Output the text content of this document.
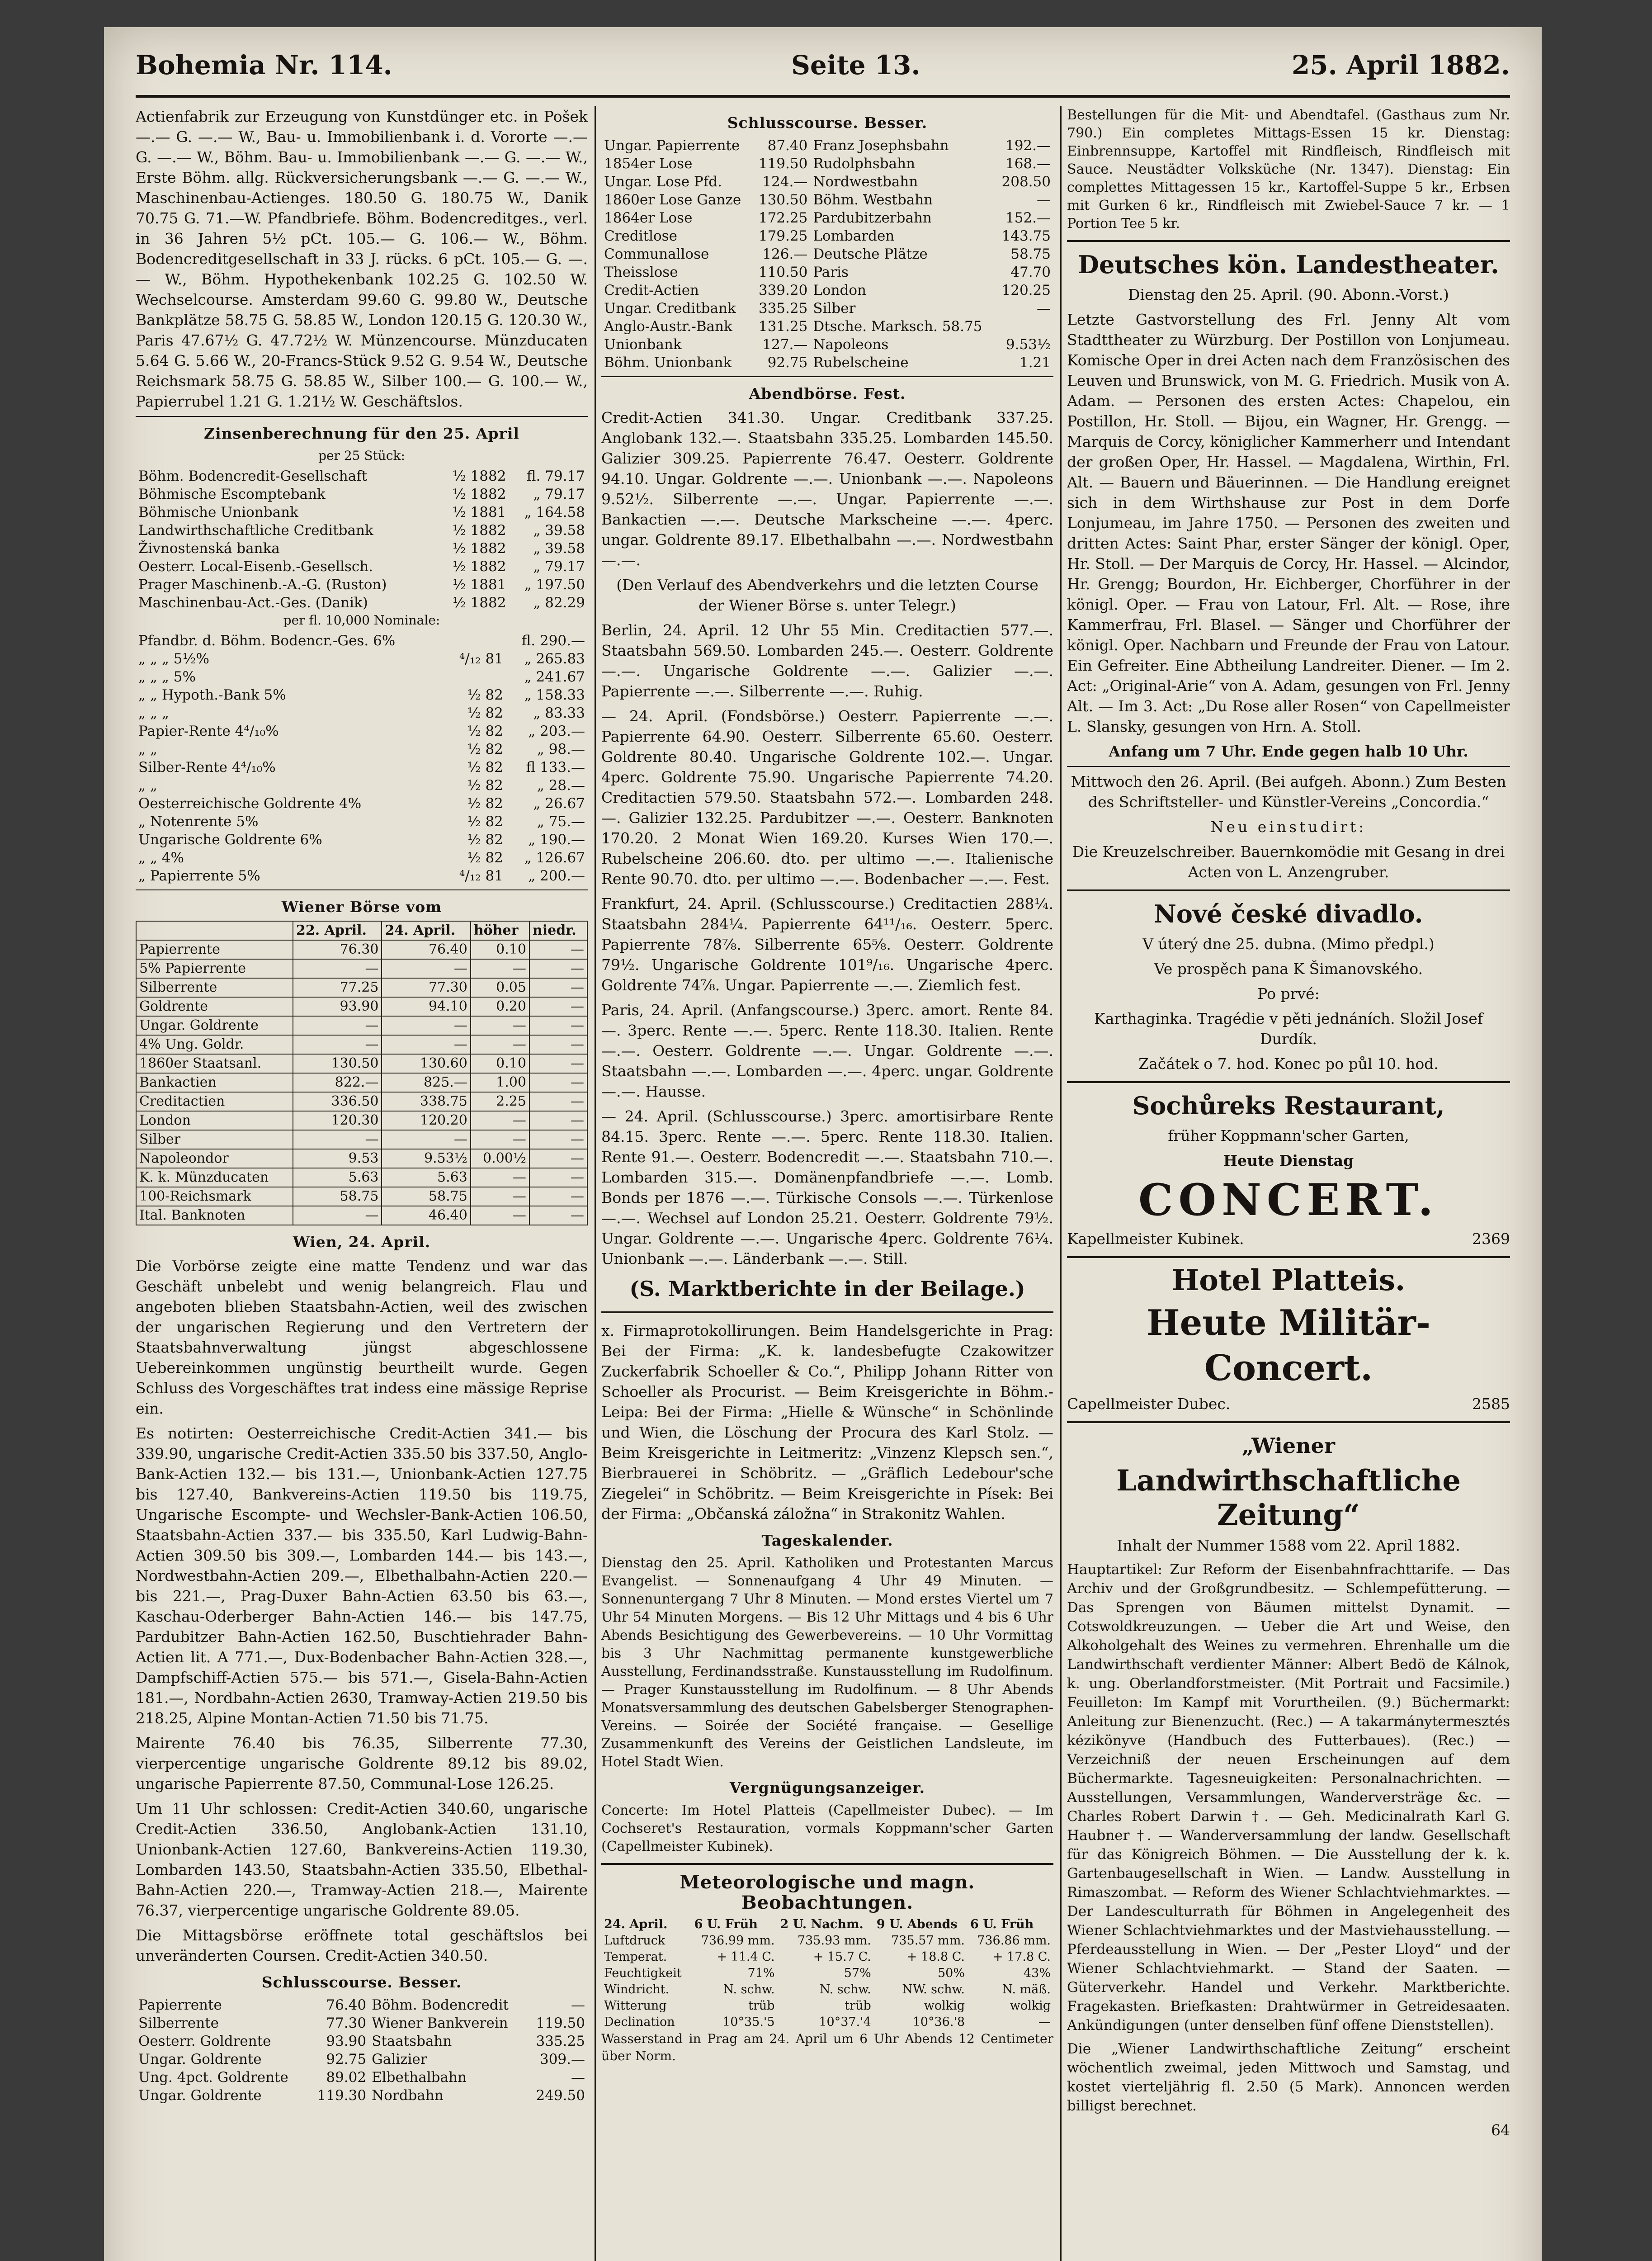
Bohemia Nr. 114.	Seite 13.	25. April 1882.

Actienfabrik zur Erzeugung von Kunstdünger etc. in Pošek —.— G. —.— W., Bau- u. Immobilienbank i. d. Vororte —.— G. —.— W., Böhm. Bau- u. Immobilienbank —.— G. —.— W., Erste Böhm. allg. Rückversicherungsbank —.— G. —.— W., Maschinenbau-Actienges. 180.50 G. 180.75 W., Danik 70.75 G. 71.—W. Pfandbriefe. Böhm. Bodencreditges., verl. in 36 Jahren 5½ pCt. 105.— G. 106.— W., Böhm. Bodencreditgesellschaft in 33 J. rücks. 6 pCt. 105.— G. —.— W., Böhm. Hypothekenbank 102.25 G. 102.50 W. Wechselcourse. Amsterdam 99.60 G. 99.80 W., Deutsche Bankplätze 58.75 G. 58.85 W., London 120.15 G. 120.30 W., Paris 47.67½ G. 47.72½ W. Münzencourse. Münzducaten 5.64 G. 5.66 W., 20-Francs-Stück 9.52 G. 9.54 W., Deutsche Reichsmark 58.75 G. 58.85 W., Silber 100.— G. 100.— W., Papierrubel 1.21 G. 1.21½ W. Geschäftslos.

Zinsenberechnung für den 25. April
per 25 Stück:
Böhm. Bodencredit-Gesellschaft	½ 1882	fl. 79.17
Böhmische Escomptebank	½ 1882	„ 79.17
Böhmische Unionbank	½ 1881	„ 164.58
Landwirthschaftliche Creditbank	½ 1882	„ 39.58
Živnostenská banka	½ 1882	„ 39.58
Oesterr. Local-Eisenb.-Gesellsch.	½ 1882	„ 79.17
Prager Maschinenb.-A.-G. (Ruston)	½ 1881	„ 197.50
Maschinenbau-Act.-Ges. (Danik)	½ 1882	„ 82.29
per fl. 10,000 Nominale:
Pfandbr. d. Böhm. Bodencr.-Ges. 6%		fl. 290.—
„ „ „ 5½%	⁴/₁₂ 81	„ 265.83
„ „ „ 5%		„ 241.67
„ „ Hypoth.-Bank 5%	½ 82	„ 158.33
„ „ „	½ 82	„ 83.33
Papier-Rente 4⁴/₁₀%	½ 82	„ 203.—
„ „	½ 82	„ 98.—
Silber-Rente 4⁴/₁₀%	½ 82	fl 133.—
„ „	½ 82	„ 28.—
Oesterreichische Goldrente 4%	½ 82	„ 26.67
„ Notenrente 5%	½ 82	„ 75.—
Ungarische Goldrente 6%	½ 82	„ 190.—
„ „ 4%	½ 82	„ 126.67
„ Papierrente 5%	⁴/₁₂ 81	„ 200.—
Wiener Börse vom
	22. April.	24. April.	höher	niedr.
Papierrente	76.30	76.40	0.10	—
5% Papierrente	—	—	—	—
Silberrente	77.25	77.30	0.05	—
Goldrente	93.90	94.10	0.20	—
Ungar. Goldrente	—	—	—	—
4% Ung. Goldr.	—	—	—	—
1860er Staatsanl.	130.50	130.60	0.10	—
Bankactien	822.—	825.—	1.00	—
Creditactien	336.50	338.75	2.25	—
London	120.30	120.20	—	—
Silber	—	—	—	—
Napoleondor	9.53	9.53½	0.00½	—
K. k. Münzducaten	5.63	5.63	—	—
100-Reichsmark	58.75	58.75	—	—
Ital. Banknoten	—	46.40	—	—
Wien, 24. April.

Die Vorbörse zeigte eine matte Tendenz und war das Geschäft unbelebt und wenig belangreich. Flau und angeboten blieben Staatsbahn-Actien, weil des zwischen der ungarischen Regierung und den Vertretern der Staatsbahnverwaltung jüngst abgeschlossene Uebereinkommen ungünstig beurtheilt wurde. Gegen Schluss des Vorgeschäftes trat indess eine mässige Reprise ein.

Es notirten: Oesterreichische Credit-Actien 341.— bis 339.90, ungarische Credit-Actien 335.50 bis 337.50, Anglo-Bank-Actien 132.— bis 131.—, Unionbank-Actien 127.75 bis 127.40, Bankvereins-Actien 119.50 bis 119.75, Ungarische Escompte- und Wechsler-Bank-Actien 106.50, Staatsbahn-Actien 337.— bis 335.50, Karl Ludwig-Bahn-Actien 309.50 bis 309.—, Lombarden 144.— bis 143.—, Nordwestbahn-Actien 209.—, Elbethalbahn-Actien 220.— bis 221.—, Prag-Duxer Bahn-Actien 63.50 bis 63.—, Kaschau-Oderberger Bahn-Actien 146.— bis 147.75, Pardubitzer Bahn-Actien 162.50, Buschtiehrader Bahn-Actien lit. A 771.—, Dux-Bodenbacher Bahn-Actien 328.—, Dampfschiff-Actien 575.— bis 571.—, Gisela-Bahn-Actien 181.—, Nordbahn-Actien 2630, Tramway-Actien 219.50 bis 218.25, Alpine Montan-Actien 71.50 bis 71.75.

Mairente 76.40 bis 76.35, Silberrente 77.30, vierpercentige ungarische Goldrente 89.12 bis 89.02, ungarische Papierrente 87.50, Communal-Lose 126.25.

Um 11 Uhr schlossen: Credit-Actien 340.60, ungarische Credit-Actien 336.50, Anglobank-Actien 131.10, Unionbank-Actien 127.60, Bankvereins-Actien 119.30, Lombarden 143.50, Staatsbahn-Actien 335.50, Elbethal-Bahn-Actien 220.—, Tramway-Actien 218.—, Mairente 76.37, vierpercentige ungarische Goldrente 89.05.

Die Mittagsbörse eröffnete total geschäftslos bei unveränderten Coursen. Credit-Actien 340.50.

Schlusscourse. Besser.
Papierrente	76.40	Böhm. Bodencredit	—
Silberrente	77.30	Wiener Bankverein	119.50
Oesterr. Goldrente	93.90	Staatsbahn	335.25
Ungar. Goldrente	92.75	Galizier	309.—
Ung. 4pct. Goldrente	89.02	Elbethalbahn	—
Ungar. Goldrente	119.30	Nordbahn	249.50
Schlusscourse. Besser.
Ungar. Papierrente	87.40	Franz Josephsbahn	192.—
1854er Lose	119.50	Rudolphsbahn	168.—
Ungar. Lose Pfd.	124.—	Nordwestbahn	208.50
1860er Lose Ganze	130.50	Böhm. Westbahn	—
1864er Lose	172.25	Pardubitzerbahn	152.—
Creditlose	179.25	Lombarden	143.75
Communallose	126.—	Deutsche Plätze	58.75
Theisslose	110.50	Paris	47.70
Credit-Actien	339.20	London	120.25
Ungar. Creditbank	335.25	Silber	—
Anglo-Austr.-Bank	131.25	Dtsche. Marksch. 58.75	
Unionbank	127.—	Napoleons	9.53½
Böhm. Unionbank	92.75	Rubelscheine	1.21
Abendbörse. Fest.

Credit-Actien 341.30. Ungar. Creditbank 337.25. Anglobank 132.—. Staatsbahn 335.25. Lombarden 145.50. Galizier 309.25. Papierrente 76.47. Oesterr. Goldrente 94.10. Ungar. Goldrente —.—. Unionbank —.—. Napoleons 9.52½. Silberrente —.—. Ungar. Papierrente —.—. Bankactien —.—. Deutsche Markscheine —.—. 4perc. ungar. Goldrente 89.17. Elbethalbahn —.—. Nordwestbahn —.—.

(Den Verlauf des Abendverkehrs und die letzten Course der Wiener Börse s. unter Telegr.)

Berlin, 24. April. 12 Uhr 55 Min. Creditactien 577.—. Staatsbahn 569.50. Lombarden 245.—. Oesterr. Goldrente —.—. Ungarische Goldrente —.—. Galizier —.—. Papierrente —.—. Silberrente —.—. Ruhig.

— 24. April. (Fondsbörse.) Oesterr. Papierrente —.—. Papierrente 64.90. Oesterr. Silberrente 65.60. Oesterr. Goldrente 80.40. Ungarische Goldrente 102.—. Ungar. 4perc. Goldrente 75.90. Ungarische Papierrente 74.20. Creditactien 579.50. Staatsbahn 572.—. Lombarden 248.—. Galizier 132.25. Pardubitzer —.—. Oesterr. Banknoten 170.20. 2 Monat Wien 169.20. Kurses Wien 170.—. Rubelscheine 206.60. dto. per ultimo —.—. Italienische Rente 90.70. dto. per ultimo —.—. Bodenbacher —.—. Fest.

Frankfurt, 24. April. (Schlusscourse.) Creditactien 288¼. Staatsbahn 284¼. Papierrente 64¹¹/₁₆. Oesterr. 5perc. Papierrente 78⅞. Silberrente 65⅝. Oesterr. Goldrente 79½. Ungarische Goldrente 101⁹/₁₆. Ungarische 4perc. Goldrente 74⅞. Ungar. Papierrente —.—. Ziemlich fest.

Paris, 24. April. (Anfangscourse.) 3perc. amort. Rente 84.—. 3perc. Rente —.—. 5perc. Rente 118.30. Italien. Rente —.—. Oesterr. Goldrente —.—. Ungar. Goldrente —.—. Staatsbahn —.—. Lombarden —.—. 4perc. ungar. Goldrente —.—. Hausse.

— 24. April. (Schlusscourse.) 3perc. amortisirbare Rente 84.15. 3perc. Rente —.—. 5perc. Rente 118.30. Italien. Rente 91.—. Oesterr. Bodencredit —.—. Staatsbahn 710.—. Lombarden 315.—. Domänenpfandbriefe —.—. Lomb. Bonds per 1876 —.—. Türkische Consols —.—. Türkenlose —.—. Wechsel auf London 25.21. Oesterr. Goldrente 79½. Ungar. Goldrente —.—. Ungarische 4perc. Goldrente 76¼. Unionbank —.—. Länderbank —.—. Still.

(S. Marktberichte in der Beilage.)

x. Firmaprotokollirungen. Beim Handelsgerichte in Prag: Bei der Firma: „K. k. landesbefugte Czakowitzer Zuckerfabrik Schoeller & Co.“, Philipp Johann Ritter von Schoeller als Procurist. — Beim Kreisgerichte in Böhm.-Leipa: Bei der Firma: „Hielle & Wünsche“ in Schönlinde und Wien, die Löschung der Procura des Karl Stolz. — Beim Kreisgerichte in Leitmeritz: „Vinzenz Klepsch sen.“, Bierbrauerei in Schöbritz. — „Gräflich Ledebour'sche Ziegelei“ in Schöbritz. — Beim Kreisgerichte in Písek: Bei der Firma: „Občanská záložna“ in Strakonitz Wahlen.

Tageskalender.

Dienstag den 25. April. Katholiken und Protestanten Marcus Evangelist. — Sonnenaufgang 4 Uhr 49 Minuten. — Sonnenuntergang 7 Uhr 8 Minuten. — Mond erstes Viertel um 7 Uhr 54 Minuten Morgens. — Bis 12 Uhr Mittags und 4 bis 6 Uhr Abends Besichtigung des Gewerbevereins. — 10 Uhr Vormittag bis 3 Uhr Nachmittag permanente kunstgewerbliche Ausstellung, Ferdinandsstraße. Kunstausstellung im Rudolfinum. — Prager Kunstausstellung im Rudolfinum. — 8 Uhr Abends Monatsversammlung des deutschen Gabelsberger Stenographen-Vereins. — Soirée der Société française. — Gesellige Zusammenkunft des Vereins der Geistlichen Landsleute, im Hotel Stadt Wien.

Vergnügungsanzeiger.

Concerte: Im Hotel Platteis (Capellmeister Dubec). — Im Cochseret's Restauration, vormals Koppmann'scher Garten (Capellmeister Kubinek).

Meteorologische und magn. Beobachtungen.
24. April.	6 U. Früh	2 U. Nachm.	9 U. Abends	6 U. Früh
Luftdruck	736.99 mm.	735.93 mm.	735.57 mm.	736.86 mm.
Temperat.	+ 11.4 C.	+ 15.7 C.	+ 18.8 C.	+ 17.8 C.
Feuchtigkeit	71%	57%	50%	43%
Windricht.	N. schw.	N. schw.	NW. schw.	N. mäß.
Witterung	trüb	trüb	wolkig	wolkig
Declination	10°35.'5	10°37.'4	10°36.'8	—

Wasserstand in Prag am 24. April um 6 Uhr Abends 12 Centimeter über Norm.

Bestellungen für die Mit- und Abendtafel. (Gasthaus zum Nr. 790.) Ein completes Mittags-Essen 15 kr. Dienstag: Einbrennsuppe, Kartoffel mit Rindfleisch, Rindfleisch mit Sauce. Neustädter Volksküche (Nr. 1347). Dienstag: Ein complettes Mittagessen 15 kr., Kartoffel-Suppe 5 kr., Erbsen mit Gurken 6 kr., Rindfleisch mit Zwiebel-Sauce 7 kr. — 1 Portion Tee 5 kr.

Deutsches kön. Landestheater.

Dienstag den 25. April. (90. Abonn.-Vorst.)

Letzte Gastvorstellung des Frl. Jenny Alt vom Stadttheater zu Würzburg. Der Postillon von Lonjumeau. Komische Oper in drei Acten nach dem Französischen des Leuven und Brunswick, von M. G. Friedrich. Musik von A. Adam. — Personen des ersten Actes: Chapelou, ein Postillon, Hr. Stoll. — Bijou, ein Wagner, Hr. Grengg. — Marquis de Corcy, königlicher Kammerherr und Intendant der großen Oper, Hr. Hassel. — Magdalena, Wirthin, Frl. Alt. — Bauern und Bäuerinnen. — Die Handlung ereignet sich in dem Wirthshause zur Post in dem Dorfe Lonjumeau, im Jahre 1750. — Personen des zweiten und dritten Actes: Saint Phar, erster Sänger der königl. Oper, Hr. Stoll. — Der Marquis de Corcy, Hr. Hassel. — Alcindor, Hr. Grengg; Bourdon, Hr. Eichberger, Chorführer in der königl. Oper. — Frau von Latour, Frl. Alt. — Rose, ihre Kammerfrau, Frl. Blasel. — Sänger und Chorführer der königl. Oper. Nachbarn und Freunde der Frau von Latour. Ein Gefreiter. Eine Abtheilung Landreiter. Diener. — Im 2. Act: „Original-Arie“ von A. Adam, gesungen von Frl. Jenny Alt. — Im 3. Act: „Du Rose aller Rosen“ von Capellmeister L. Slansky, gesungen von Hrn. A. Stoll.

Anfang um 7 Uhr. Ende gegen halb 10 Uhr.

Mittwoch den 26. April. (Bei aufgeh. Abonn.) Zum Besten des Schriftsteller- und Künstler-Vereins „Concordia.“

Neu einstudirt:

Die Kreuzelschreiber. Bauernkomödie mit Gesang in drei Acten von L. Anzengruber.

Nové české divadlo.

V úterý dne 25. dubna. (Mimo předpl.)

Ve prospěch pana K Šimanovského.

Po prvé:

Karthaginka. Tragédie v pěti jednáních. Složil Josef Durdík.

Začátek o 7. hod. Konec po půl 10. hod.

Sochůreks Restaurant,

früher Koppmann'scher Garten,

Heute Dienstag

CONCERT.
Kapellmeister Kubinek.	2369
Hotel Platteis.
Heute Militär-Concert.
Capellmeister Dubec.	2585
„Wiener
Landwirthschaftliche Zeitung“

Inhalt der Nummer 1588 vom 22. April 1882.

Hauptartikel: Zur Reform der Eisenbahnfrachttarife. — Das Archiv und der Großgrundbesitz. — Schlempefütterung. — Das Sprengen von Bäumen mittelst Dynamit. — Cotswoldkreuzungen. — Ueber die Art und Weise, den Alkoholgehalt des Weines zu vermehren. Ehrenhalle um die Landwirthschaft verdienter Männer: Albert Bedö de Kálnok, k. ung. Oberlandforstmeister. (Mit Portrait und Facsimile.) Feuilleton: Im Kampf mit Vorurtheilen. (9.) Büchermarkt: Anleitung zur Bienenzucht. (Rec.) — A takarmánytermesztés kézikönyve (Handbuch des Futterbaues). (Rec.) — Verzeichniß der neuen Erscheinungen auf dem Büchermarkte. Tagesneuigkeiten: Personalnachrichten. — Ausstellungen, Versammlungen, Wanderversträge &c. — Charles Robert Darwin †. — Geh. Medicinalrath Karl G. Haubner †. — Wanderversammlung der landw. Gesellschaft für das Königreich Böhmen. — Die Ausstellung der k. k. Gartenbaugesellschaft in Wien. — Landw. Ausstellung in Rimaszombat. — Reform des Wiener Schlachtviehmarktes. — Der Landesculturrath für Böhmen in Angelegenheit des Wiener Schlachtviehmarktes und der Mastviehausstellung. — Pferdeausstellung in Wien. — Der „Pester Lloyd“ und der Wiener Schlachtviehmarkt. — Stand der Saaten. — Güterverkehr. Handel und Verkehr. Marktberichte. Fragekasten. Briefkasten: Drahtwürmer in Getreidesaaten. Ankündigungen (unter denselben fünf offene Dienststellen).

Die „Wiener Landwirthschaftliche Zeitung“ erscheint wöchentlich zweimal, jeden Mittwoch und Samstag, und kostet vierteljährig fl. 2.50 (5 Mark). Annoncen werden billigst berechnet.

64
